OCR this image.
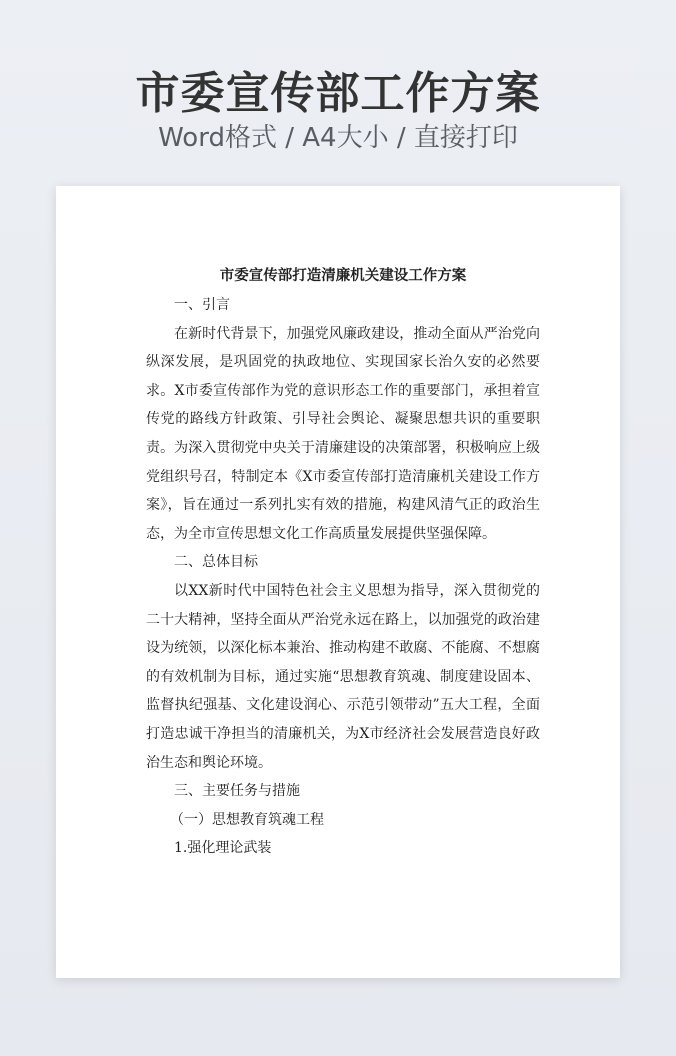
市委宣传部工作方案
Word格式 / A4大小 / 直接打印

市委宣传部打造清廉机关建设工作方案

一、引言

在新时代背景下，加强党风廉政建设，推动全面从严治党向纵深发展，是巩固党的执政地位、实现国家长治久安的必然要求。X市委宣传部作为党的意识形态工作的重要部门，承担着宣传党的路线方针政策、引导社会舆论、凝聚思想共识的重要职责。为深入贯彻党中央关于清廉建设的决策部署，积极响应上级党组织号召，特制定本《X市委宣传部打造清廉机关建设工作方案》，旨在通过一系列扎实有效的措施，构建风清气正的政治生态，为全市宣传思想文化工作高质量发展提供坚强保障。

二、总体目标

以XX新时代中国特色社会主义思想为指导，深入贯彻党的二十大精神，坚持全面从严治党永远在路上，以加强党的政治建设为统领，以深化标本兼治、推动构建不敢腐、不能腐、不想腐的有效机制为目标，通过实施“思想教育筑魂、制度建设固本、监督执纪强基、文化建设润心、示范引领带动”五大工程，全面打造忠诚干净担当的清廉机关，为X市经济社会发展营造良好政治生态和舆论环境。

三、主要任务与措施

（一）思想教育筑魂工程

1.强化理论武装
